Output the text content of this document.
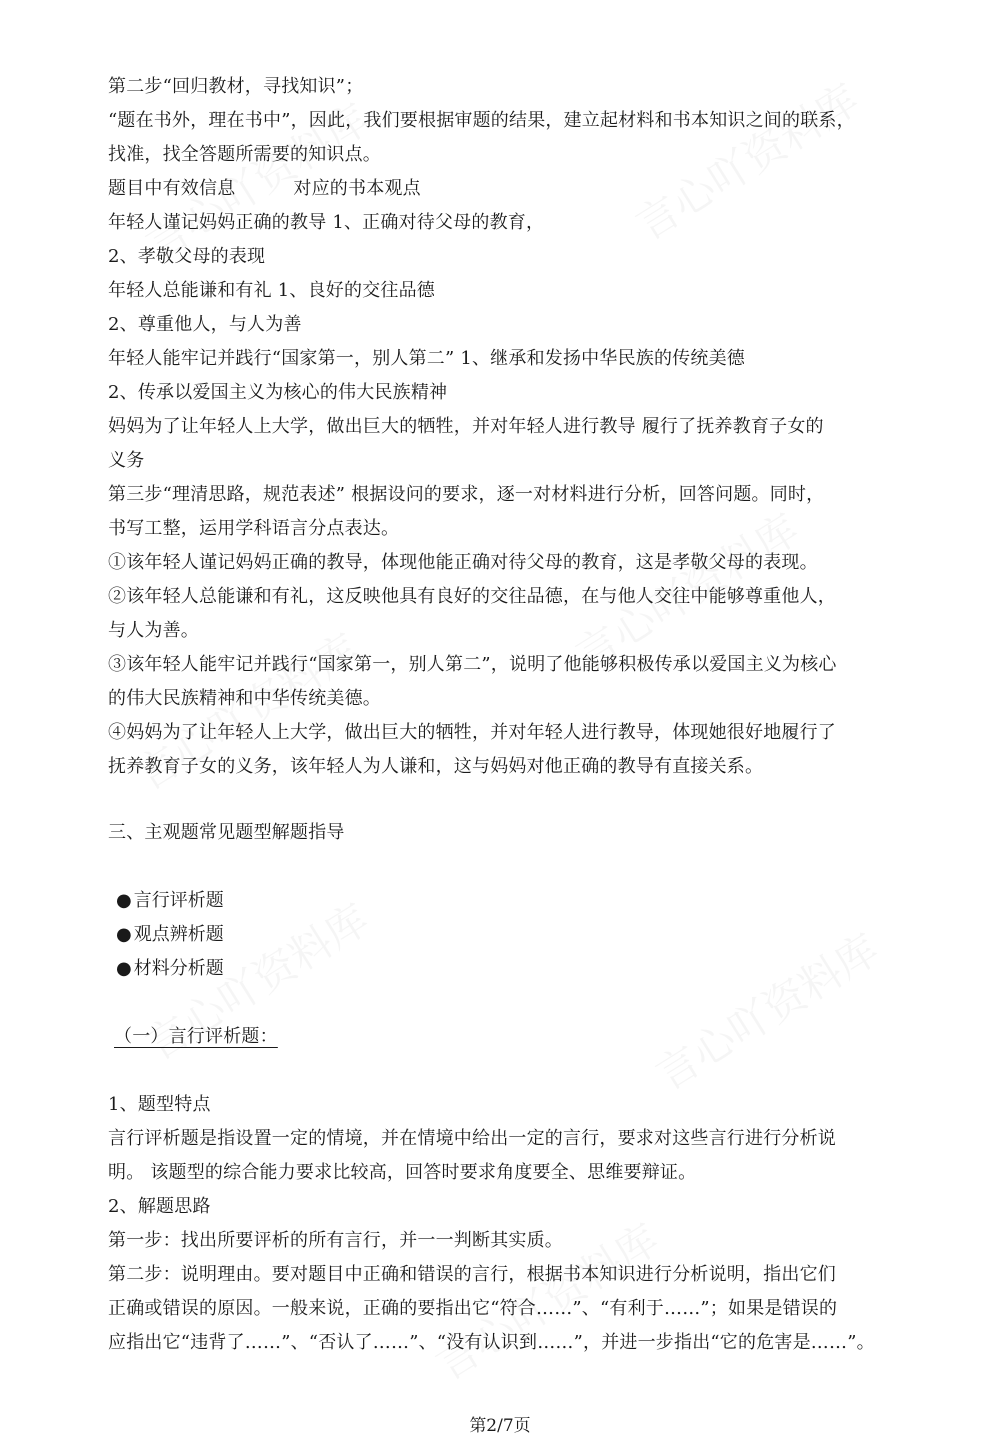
第二步“回归教材，寻找知识”；
“题在书外，理在书中”，因此，我们要根据审题的结果，建立起材料和书本知识之间的联系，
找准，找全答题所需要的知识点。
题目中有效信息	对应的书本观点
年轻人谨记妈妈正确的教导 1、正确对待父母的教育，
2、孝敬父母的表现
年轻人总能谦和有礼 1、良好的交往品德
2、尊重他人，与人为善
年轻人能牢记并践行“国家第一，别人第二” 1、继承和发扬中华民族的传统美德
2、传承以爱国主义为核心的伟大民族精神
妈妈为了让年轻人上大学，做出巨大的牺牲，并对年轻人进行教导 履行了抚养教育子女的
义务
第三步“理清思路，规范表述” 根据设问的要求，逐一对材料进行分析，回答问题。同时，
书写工整，运用学科语言分点表达。
①该年轻人谨记妈妈正确的教导，体现他能正确对待父母的教育，这是孝敬父母的表现。
②该年轻人总能谦和有礼，这反映他具有良好的交往品德，在与他人交往中能够尊重他人，
与人为善。
③该年轻人能牢记并践行“国家第一，别人第二”，说明了他能够积极传承以爱国主义为核心
的伟大民族精神和中华传统美德。
④妈妈为了让年轻人上大学，做出巨大的牺牲，并对年轻人进行教导，体现她很好地履行了
抚养教育子女的义务，该年轻人为人谦和，这与妈妈对他正确的教导有直接关系。
三、主观题常见题型解题指导
● 言行评析题
● 观点辨析题
● 材料分析题
（一）言行评析题：
1、题型特点
言行评析题是指设置一定的情境，并在情境中给出一定的言行，要求对这些言行进行分析说
明。 该题型的综合能力要求比较高，回答时要求角度要全、思维要辩证。
2、解题思路
第一步：找出所要评析的所有言行，并一一判断其实质。
第二步：说明理由。要对题目中正确和错误的言行，根据书本知识进行分析说明，指出它们
正确或错误的原因。一般来说，正确的要指出它“符合……”、“有利于……”；如果是错误的
应指出它“违背了……”、“否认了……”、“没有认识到……”，并进一步指出“它的危害是……”。
第2/7页
